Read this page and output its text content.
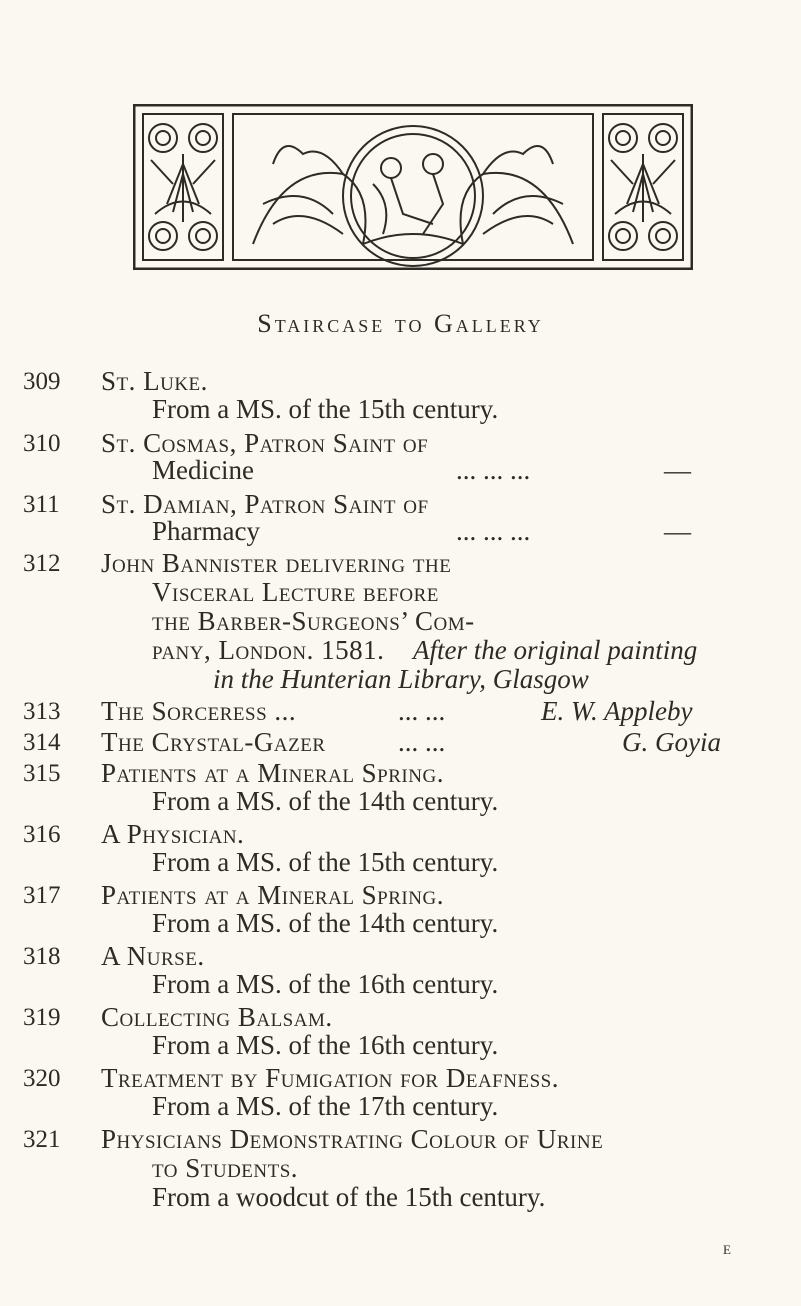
Staircase to Gallery
309	St. Luke.
From a MS. of the 15th century.
310	St. Cosmas, Patron Saint of
Medicine	... ... ...	—
311	St. Damian, Patron Saint of
Pharmacy	... ... ...	—
312	John Bannister delivering the
Visceral Lecture before
the Barber-Surgeons’ Com-
pany, London. 1581. After the original painting
in the Hunterian Library, Glasgow
313	The Sorceress ...	... ...	E. W. Appleby
314	The Crystal-Gazer	... ...	G. Goyia
315	Patients at a Mineral Spring.
From a MS. of the 14th century.
316	A Physician.
From a MS. of the 15th century.
317	Patients at a Mineral Spring.
From a MS. of the 14th century.
318	A Nurse.
From a MS. of the 16th century.
319	Collecting Balsam.
From a MS. of the 16th century.
320	Treatment by Fumigation for Deafness.
From a MS. of the 17th century.
321	Physicians Demonstrating Colour of Urine
to Students.
From a woodcut of the 15th century.
E
